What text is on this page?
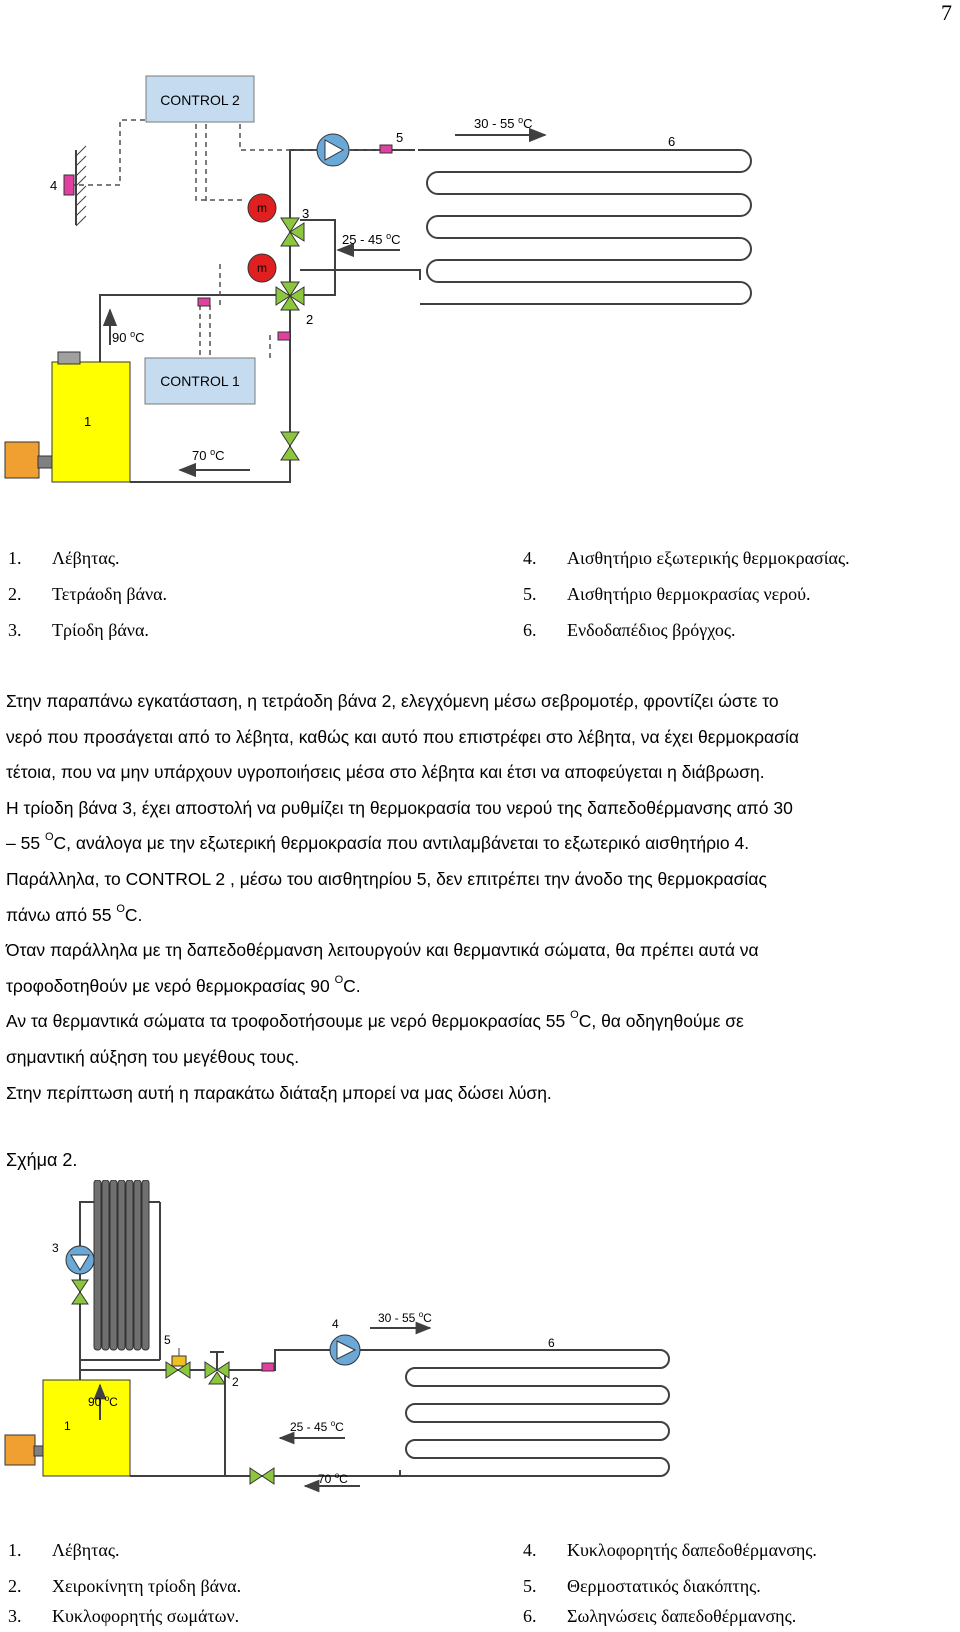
7
CONTROL 2
CONTROL 1
4
5
m
m
3
2
1
6
30 - 55 $^o$C
25 - 45 $^o$C
90 $^o$C
70 $^o$C
1. Λέβητας.
2. Τετράοδη βάνα.
3. Τρίοδη βάνα.
4. Αισθητήριο εξωτερικής θερμοκρασίας.
5. Αισθητήριο θερμοκρασίας νερού.
6. Ενδοδαπέδιος βρόγχος.

Στην παραπάνω εγκατάσταση, η τετράοδη βάνα 2, ελεγχόμενη μέσω σεβρομοτέρ, φροντίζει ώστε το

νερό που προσάγεται από το λέβητα, καθώς και αυτό που επιστρέφει στο λέβητα, να έχει θερμοκρασία

τέτοια, που να μην υπάρχουν υγροποιήσεις μέσα στο λέβητα και έτσι να αποφεύγεται η διάβρωση.

Η τρίοδη βάνα 3, έχει αποστολή να ρυθμίζει τη θερμοκρασία του νερού της δαπεδοθέρμανσης από 30

– 55 $^O$C, ανάλογα με την εξωτερική θερμοκρασία που αντιλαμβάνεται το εξωτερικό αισθητήριο 4.

Παράλληλα, το CONTROL 2 , μέσω του αισθητηρίου 5, δεν επιτρέπει την άνοδο της θερμοκρασίας

πάνω από 55 $^O$C.

Όταν παράλληλα με τη δαπεδοθέρμανση λειτουργούν και θερμαντικά σώματα, θα πρέπει αυτά να

τροφοδοτηθούν με νερό θερμοκρασίας 90 $^O$C.

Αν τα θερμαντικά σώματα τα τροφοδοτήσουμε με νερό θερμοκρασίας 55 $^O$C, θα οδηγηθούμε σε

σημαντική αύξηση του μεγέθους τους.

Στην περίπτωση αυτή η παρακάτω διάταξη μπορεί να μας δώσει λύση.

Σχήμα 2.
3
5
2
4
6
1
30 - 55 $^o$C
90 $^o$C
25 - 45 $^o$C
70 $^o$C
1. Λέβητας.
2. Χειροκίνητη τρίοδη βάνα.
3. Κυκλοφορητής σωμάτων.
4. Κυκλοφορητής δαπεδοθέρμανσης.
5. Θερμοστατικός διακόπτης.
6. Σωληνώσεις δαπεδοθέρμανσης.
